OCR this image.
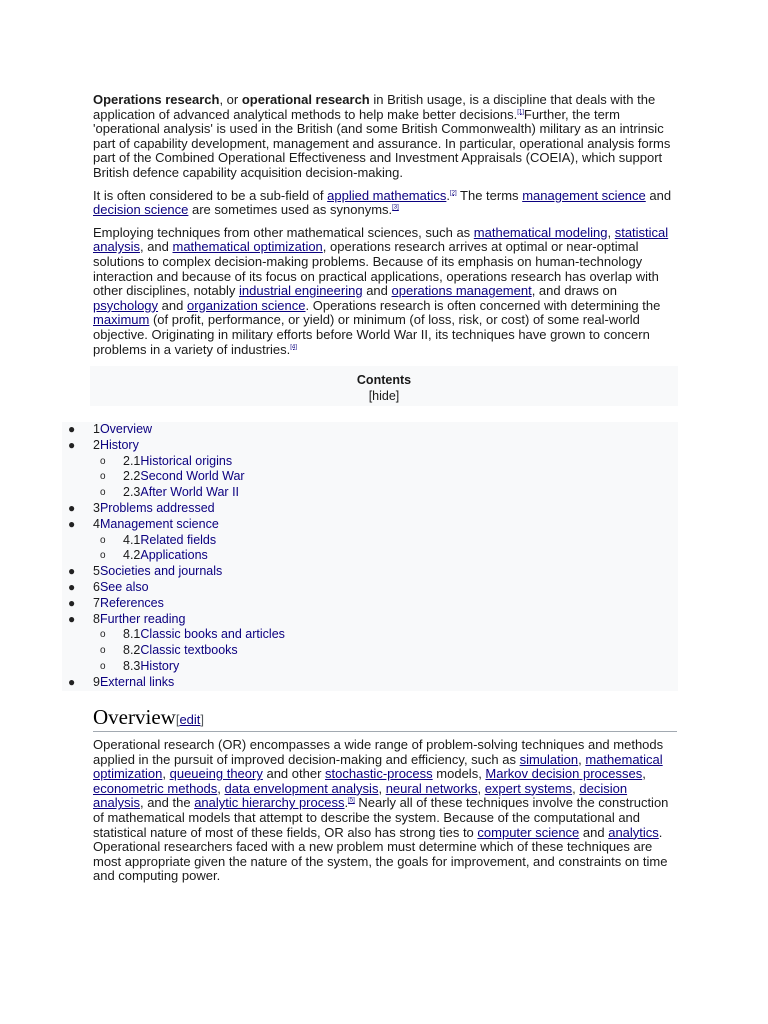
Operations research, or operational research in British usage, is a discipline that deals with the application of advanced analytical methods to help make better decisions.[1]Further, the term 'operational analysis' is used in the British (and some British Commonwealth) military as an intrinsic part of capability development, management and assurance. In particular, operational analysis forms part of the Combined Operational Effectiveness and Investment Appraisals (COEIA), which support British defence capability acquisition decision-making.

It is often considered to be a sub-field of applied mathematics.[2] The terms management science and decision science are sometimes used as synonyms.[3]

Employing techniques from other mathematical sciences, such as mathematical modeling, statistical analysis, and mathematical optimization, operations research arrives at optimal or near-optimal solutions to complex decision-making problems. Because of its emphasis on human-technology interaction and because of its focus on practical applications, operations research has overlap with other disciplines, notably industrial engineering and operations management, and draws on psychology and organization science. Operations research is often concerned with determining the maximum (of profit, performance, or yield) or minimum (of loss, risk, or cost) of some real-world objective. Originating in military efforts before World War II, its techniques have grown to concern problems in a variety of industries.[4]

Contents
[hide]
● 1Overview
● 2History
o 2.1Historical origins
o 2.2Second World War
o 2.3After World War II
● 3Problems addressed
● 4Management science
o 4.1Related fields
o 4.2Applications
● 5Societies and journals
● 6See also
● 7References
● 8Further reading
o 8.1Classic books and articles
o 8.2Classic textbooks
o 8.3History
● 9External links
Overview[edit]

Operational research (OR) encompasses a wide range of problem-solving techniques and methods applied in the pursuit of improved decision-making and efficiency, such as simulation, mathematical optimization, queueing theory and other stochastic-process models, Markov decision processes, econometric methods, data envelopment analysis, neural networks, expert systems, decision analysis, and the analytic hierarchy process.[5] Nearly all of these techniques involve the construction of mathematical models that attempt to describe the system. Because of the computational and statistical nature of most of these fields, OR also has strong ties to computer science and analytics. Operational researchers faced with a new problem must determine which of these techniques are most appropriate given the nature of the system, the goals for improvement, and constraints on time and computing power.
